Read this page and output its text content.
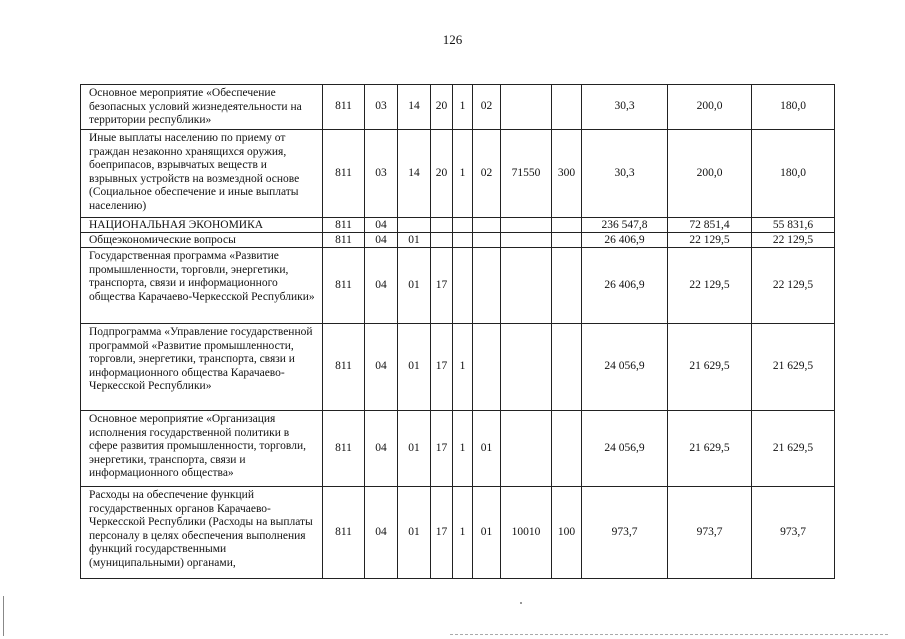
126
Основное мероприятие «Обеспечение безопасных условий жизнедеятельности на территории республики»	811	03	14	20	1	02			30,3	200,0	180,0
Иные выплаты населению по приему от граждан незаконно хранящихся оружия, боеприпасов, взрывчатых веществ и взрывных устройств на возмездной основе (Социальное обеспечение и иные выплаты населению)	811	03	14	20	1	02	71550	300	30,3	200,0	180,0
НАЦИОНАЛЬНАЯ ЭКОНОМИКА	811	04							236 547,8	72 851,4	55 831,6
Общеэкономические вопросы	811	04	01						26 406,9	22 129,5	22 129,5
Государственная программа «Развитие промышленности, торговли, энергетики, транспорта, связи и информационного общества Карачаево-Черкесской Республики»	811	04	01	17					26 406,9	22 129,5	22 129,5
Подпрограмма «Управление государственной программой «Развитие промышленности, торговли, энергетики, транспорта, связи и информационного общества Карачаево-Черкесской Республики»	811	04	01	17	1				24 056,9	21 629,5	21 629,5
Основное мероприятие «Организация исполнения государственной политики в сфере развития промышленности, торговли, энергетики, транспорта, связи и информационного общества»	811	04	01	17	1	01			24 056,9	21 629,5	21 629,5
Расходы на обеспечение функций государственных органов Карачаево-Черкесской Республики (Расходы на выплаты персоналу в целях обеспечения выполнения функций государственными (муниципальными) органами,	811	04	01	17	1	01	10010	100	973,7	973,7	973,7
